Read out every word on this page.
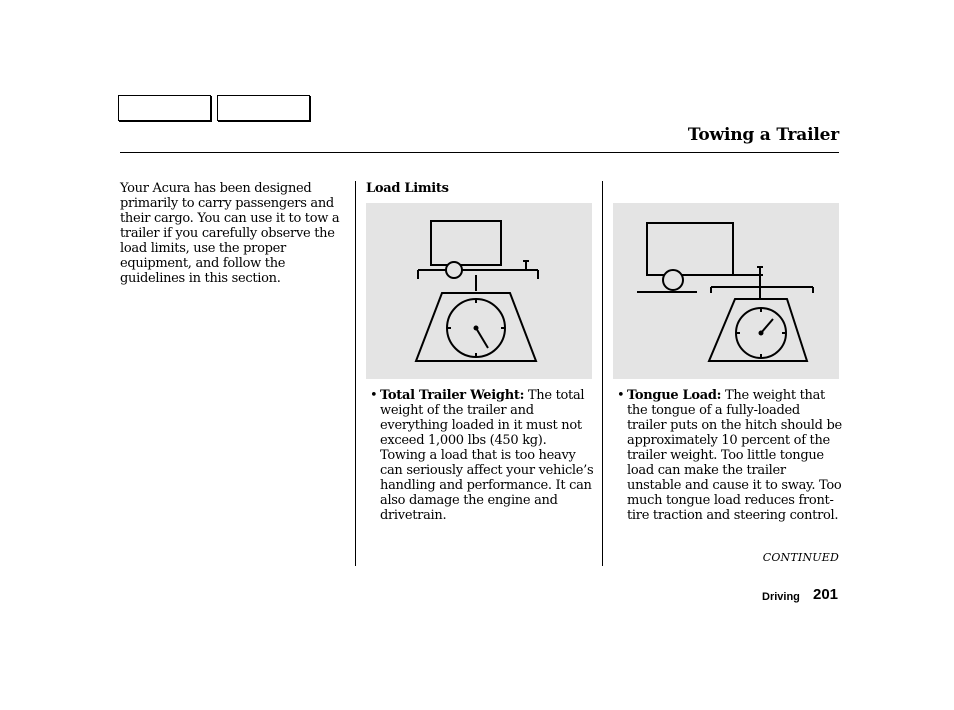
Towing a Trailer
Your Acura has been designed primarily to carry passengers and their cargo. You can use it to tow a trailer if you carefully observe the load limits, use the proper equipment, and follow the guidelines in this section.
Load Limits
• Total Trailer Weight: The total weight of the trailer and everything loaded in it must not exceed 1,000 lbs (450 kg). Towing a load that is too heavy can seriously affect your vehicle’s handling and performance. It can also damage the engine and drivetrain.
• Tongue Load: The weight that the tongue of a fully-loaded trailer puts on the hitch should be approximately 10 percent of the trailer weight. Too little tongue load can make the trailer unstable and cause it to sway. Too much tongue load reduces front-tire traction and steering control.
CONTINUED
Driving 201
